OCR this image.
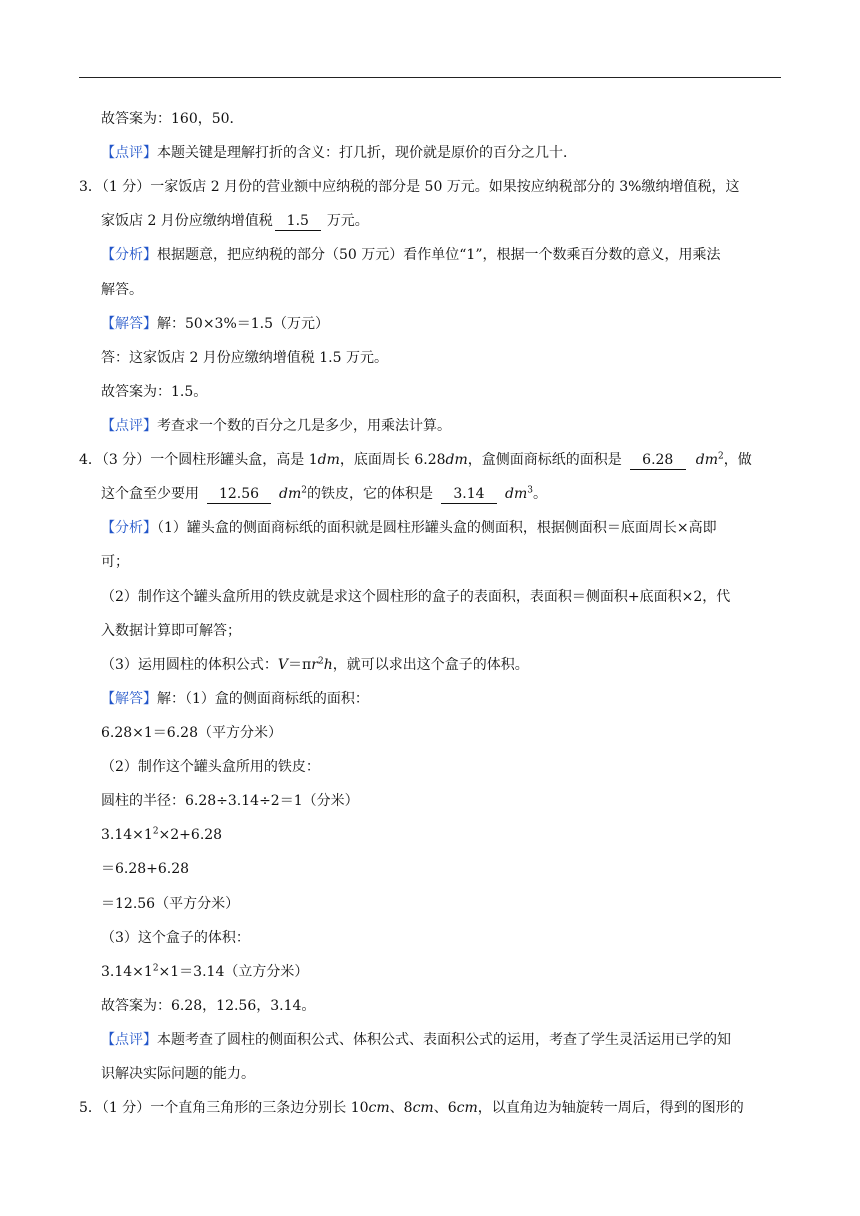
故答案为：160，50．
【点评】本题关键是理解打折的含义：打几折，现价就是原价的百分之几十．
3．（1 分）一家饭店 2 月份的营业额中应纳税的部分是 50 万元。如果按应纳税部分的 3%缴纳增值税，这
家饭店 2 月份应缴纳增值税 1.5 万元。
【分析】根据题意，把应纳税的部分（50 万元）看作单位“1”，根据一个数乘百分数的意义，用乘法
解答。
【解答】解：50×3%＝1.5（万元）
答：这家饭店 2 月份应缴纳增值税 1.5 万元。
故答案为：1.5。
【点评】考查求一个数的百分之几是多少，用乘法计算。
4．（3 分）一个圆柱形罐头盒，高是 1dm，底面周长 6.28dm，盒侧面商标纸的面积是 6.28 $dm^2$，做
这个盒至少要用 12.56 $dm^2$的铁皮，它的体积是 3.14 $dm^3$。
【分析】（1）罐头盒的侧面商标纸的面积就是圆柱形罐头盒的侧面积，根据侧面积＝底面周长×高即
可；
（2）制作这个罐头盒所用的铁皮就是求这个圆柱形的盒子的表面积，表面积＝侧面积+底面积×2，代
入数据计算即可解答；
（3）运用圆柱的体积公式：$V=\pi r^2h$，就可以求出这个盒子的体积。
【解答】解：（1）盒的侧面商标纸的面积：
6.28×1＝6.28（平方分米）
（2）制作这个罐头盒所用的铁皮：
圆柱的半径：6.28÷3.14÷2＝1（分米）
$3.14\times 1^2\times 2+6.28$
＝6.28+6.28
＝12.56（平方分米）
（3）这个盒子的体积：
$3.14\times 1^2\times 1=3.14$（立方分米）
故答案为：6.28，12.56，3.14。
【点评】本题考查了圆柱的侧面积公式、体积公式、表面积公式的运用，考查了学生灵活运用已学的知
识解决实际问题的能力。
5．（1 分）一个直角三角形的三条边分别长 10cm、8cm、6cm，以直角边为轴旋转一周后，得到的图形的
